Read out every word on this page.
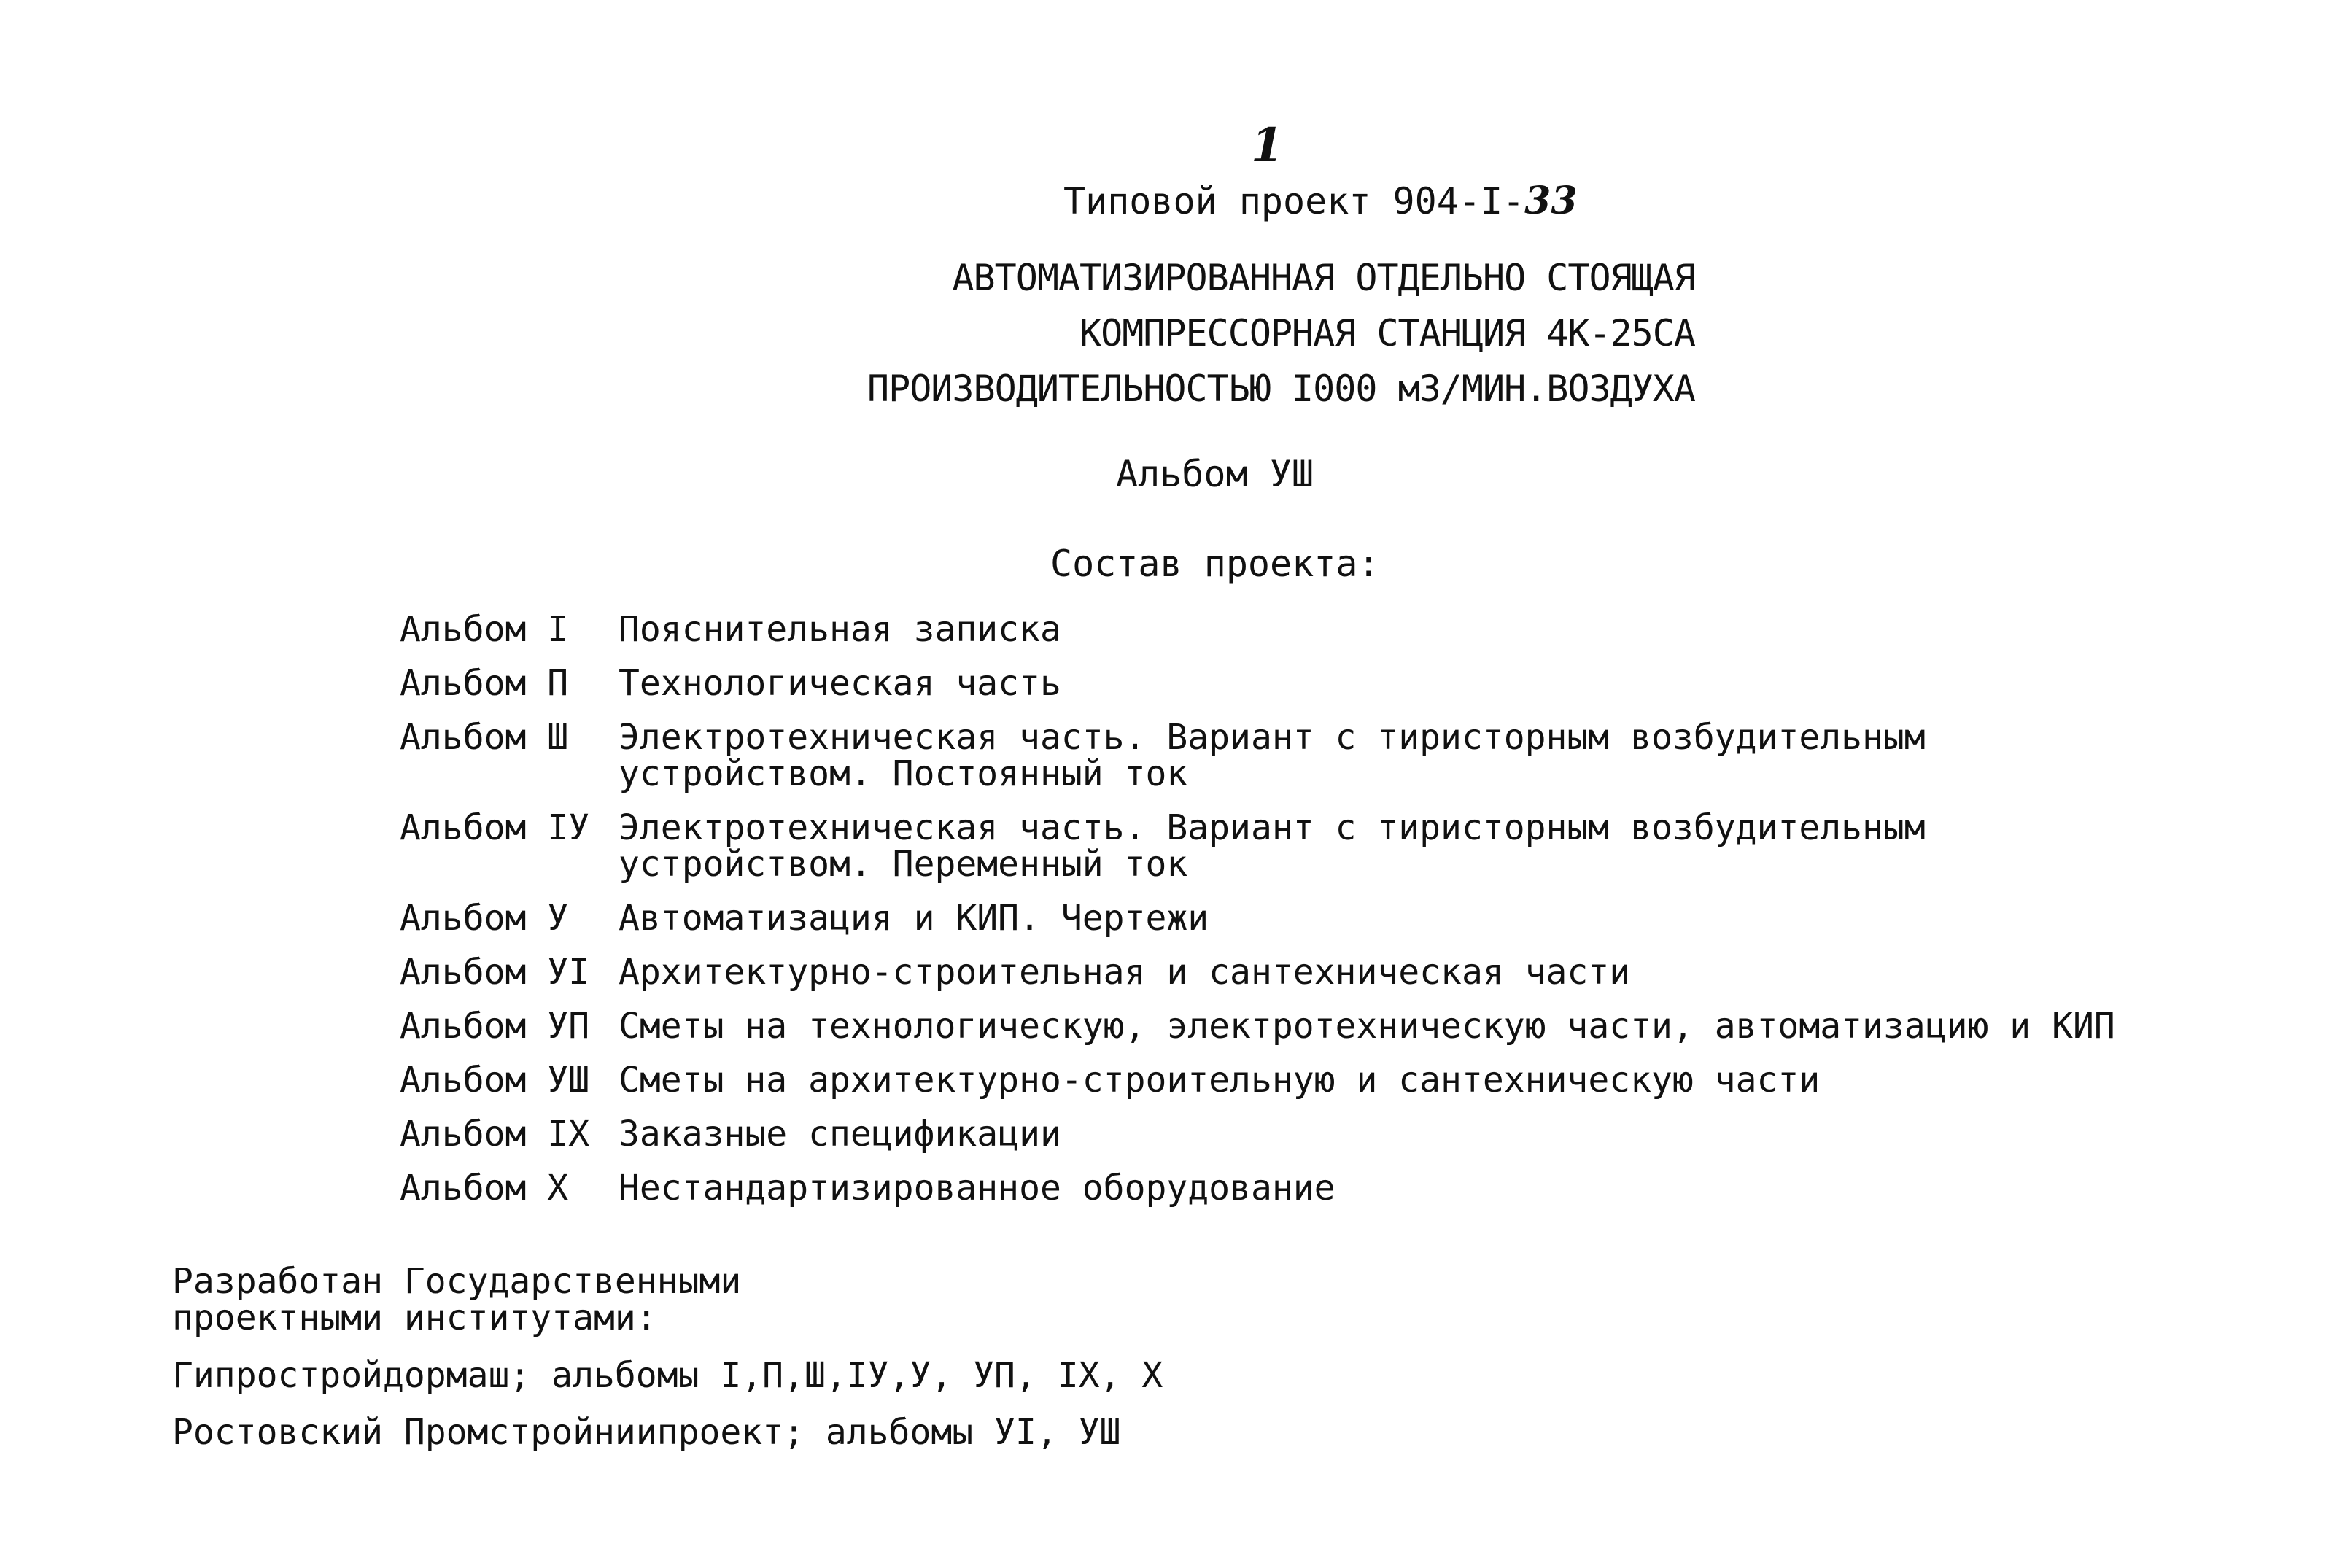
1
Типовой проект 904-I-33
АВТОМАТИЗИРОВАННАЯ ОТДЕЛЬНО СТОЯЩАЯ
КОМПРЕССОРНАЯ СТАНЦИЯ 4К-25СА
ПРОИЗВОДИТЕЛЬНОСТЬЮ I000 м3/МИН.ВОЗДУХА
Альбом УШ
Состав проекта:
Альбом I	Пояснительная записка
Альбом П	Технологическая часть
Альбом Ш	Электротехническая часть. Вариант с тиристорным возбудительным
устройством. Постоянный ток
Альбом IУ Электротехническая часть. Вариант с тиристорным возбудительным
устройством. Переменный ток
Альбом У	Автоматизация и КИП. Чертежи
Альбом УI Архитектурно-строительная и сантехническая части
Альбом УП Сметы на технологическую, электротехническую части, автоматизацию и КИП
Альбом УШ Сметы на архитектурно-строительную и сантехническую части
Альбом IX Заказные спецификации
Альбом X	Нестандартизированное оборудование
Разработан Государственными
проектными институтами:
Гипростройдормаш; альбомы I,П,Ш,IУ,У, УП, IX, X
Ростовский Промстройниипроект; альбомы УI, УШ
